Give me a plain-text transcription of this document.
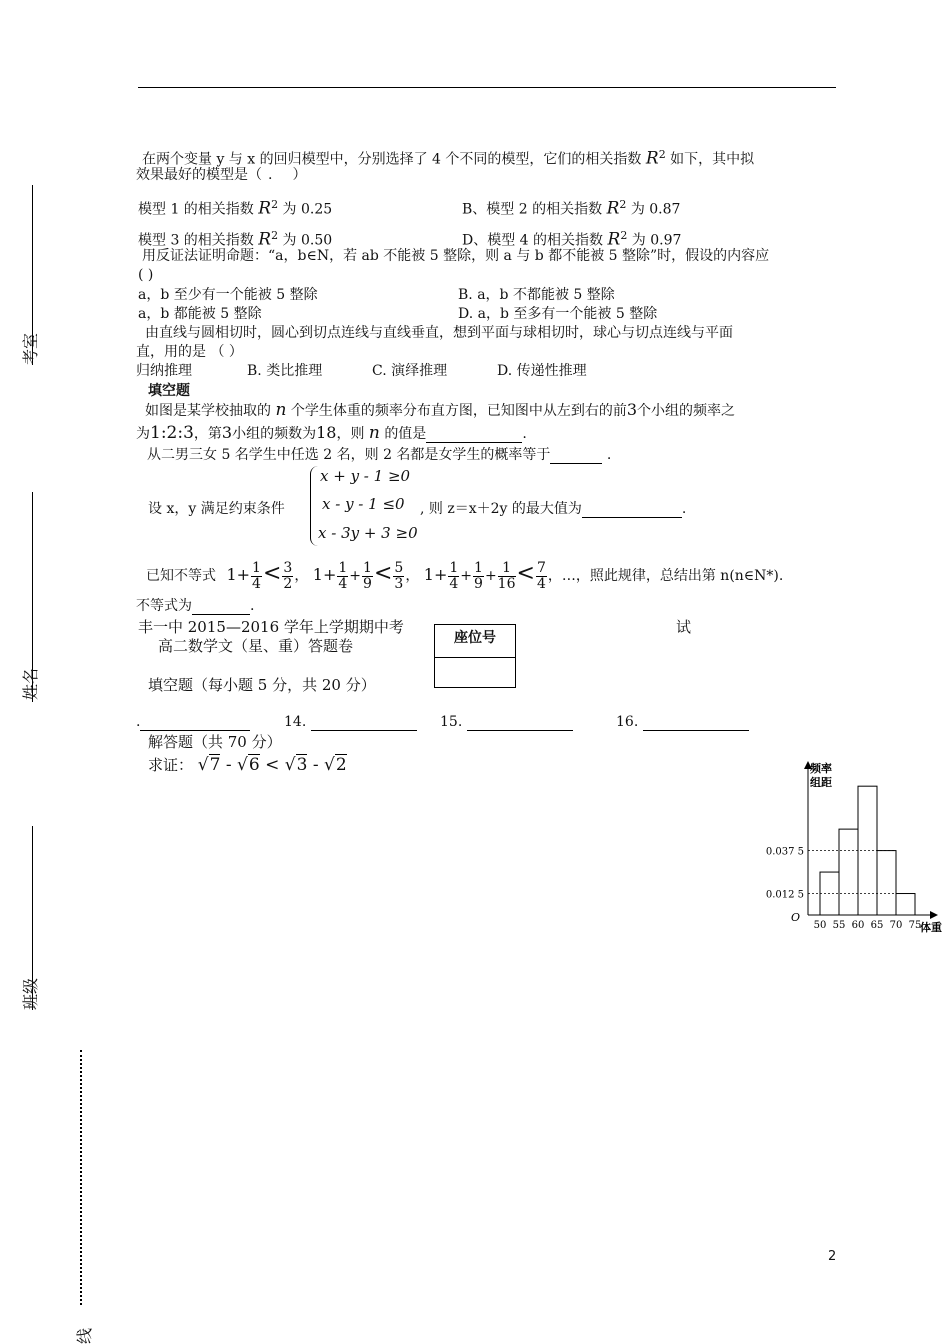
考室
姓名
班级
线
在两个变量 y 与 x 的回归模型中，分别选择了 4 个不同的模型，它们的相关指数 $R^2$ 如下，其中拟
效果最好的模型是（ . ）
模型 1 的相关指数 $R^2$ 为 0.25	B、模型 2 的相关指数 $R^2$ 为 0.87
模型 3 的相关指数 $R^2$ 为 0.50	D、模型 4 的相关指数 $R^2$ 为 0.97
用反证法证明命题：“a，b∈N，若 ab 不能被 5 整除，则 a 与 b 都不能被 5 整除”时，假设的内容应
( )
a，b 至少有一个能被 5 整除	B. a，b 不都能被 5 整除
a，b 都能被 5 整除	D. a，b 至多有一个能被 5 整除
由直线与圆相切时，圆心到切点连线与直线垂直，想到平面与球相切时，球心与切点连线与平面
直，用的是 （ ）
归纳推理	B. 类比推理	C. 演绎推理	D. 传递性推理
填空题
如图是某学校抽取的 n 个学生体重的频率分布直方图，已知图中从左到右的前3个小组的频率之
为1:2:3，第3小组的频数为18，则 n 的值是	.
从二男三女 5 名学生中任选 2 名，则 2 名都是女学生的概率等于	.
设 x，y 满足约束条件
x + y - 1 ≥0
x - y - 1 ≤0
x - 3y + 3 ≥0
, 则 z＝x＋2y 的最大值为	.
已知不等式 $1+ \frac{1}{4} < \frac{3}{2}$ ， $1+ \frac{1}{4} + \frac{1}{9} < \frac{5}{3}$ ， $1+ \frac{1}{4} + \frac{1}{9} + \frac{1}{16} < \frac{7}{4}$ ，…，照此规律，总结出第 n(n∈N*).
不等式为	.
丰一中 2015—2016 学年上学期期中考	试
高二数学文（星、重）答题卷	座位号
填空题（每小题 5 分，共 20 分）
.	14.	15.	16.
解答题（共 70 分）
求证： √7 - √6 < √3 - √2	频率
组距
体重
O
50 55 60 65 70 75
0.037 5
0.012 5
2
